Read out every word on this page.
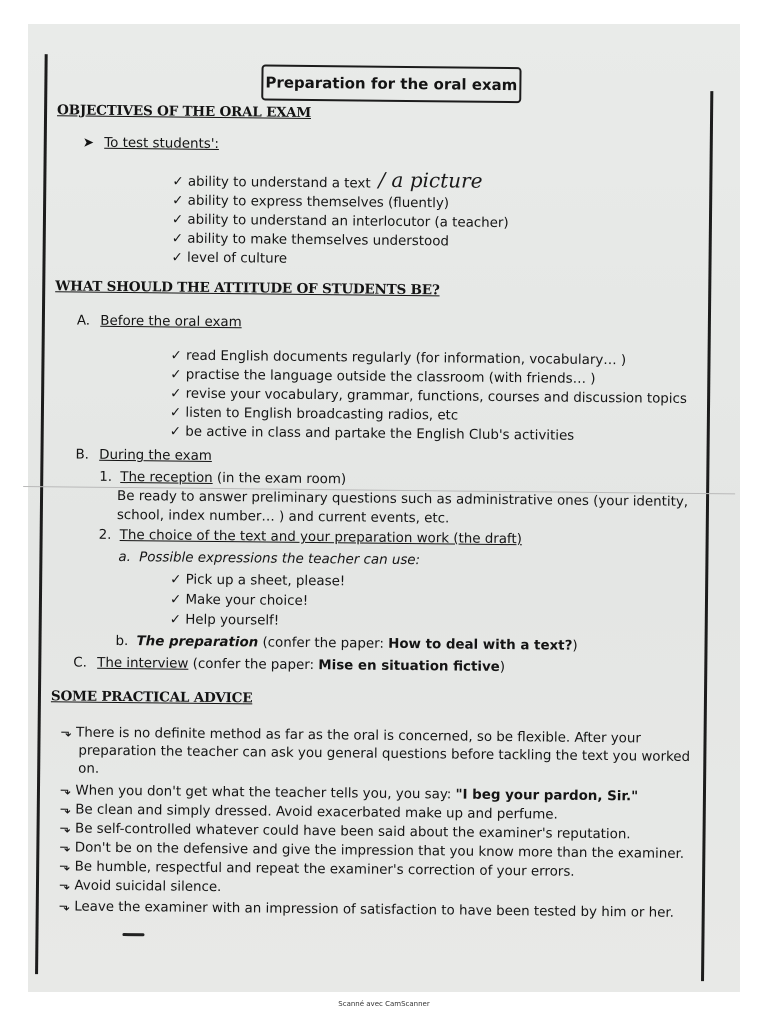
Preparation for the oral exam
OBJECTIVES OF THE ORAL EXAM
➤ To test students':
✓ ability to understand a text / a picture
✓ ability to express themselves (fluently)
✓ ability to understand an interlocutor (a teacher)
✓ ability to make themselves understood
✓ level of culture
WHAT SHOULD THE ATTITUDE OF STUDENTS BE?
A. Before the oral exam
✓ read English documents regularly (for information, vocabulary… )
✓ practise the language outside the classroom (with friends… )
✓ revise your vocabulary, grammar, functions, courses and discussion topics
✓ listen to English broadcasting radios, etc
✓ be active in class and partake the English Club's activities
B. During the exam
1. The reception (in the exam room)
Be ready to answer preliminary questions such as administrative ones (your identity,
school, index number… ) and current events, etc.
2. The choice of the text and your preparation work (the draft)
a. Possible expressions the teacher can use:
✓ Pick up a sheet, please!
✓ Make your choice!
✓ Help yourself!
b. The preparation (confer the paper: How to deal with a text?)
C. The interview (confer the paper: Mise en situation fictive)
SOME PRACTICAL ADVICE
⬎ There is no definite method as far as the oral is concerned, so be flexible. After your
preparation the teacher can ask you general questions before tackling the text you worked
on.
⬎ When you don't get what the teacher tells you, you say: "I beg your pardon, Sir."
⬎ Be clean and simply dressed. Avoid exacerbated make up and perfume.
⬎ Be self-controlled whatever could have been said about the examiner's reputation.
⬎ Don't be on the defensive and give the impression that you know more than the examiner.
⬎ Be humble, respectful and repeat the examiner's correction of your errors.
⬎ Avoid suicidal silence.
⬎ Leave the examiner with an impression of satisfaction to have been tested by him or her.
Scanné avec CamScanner
